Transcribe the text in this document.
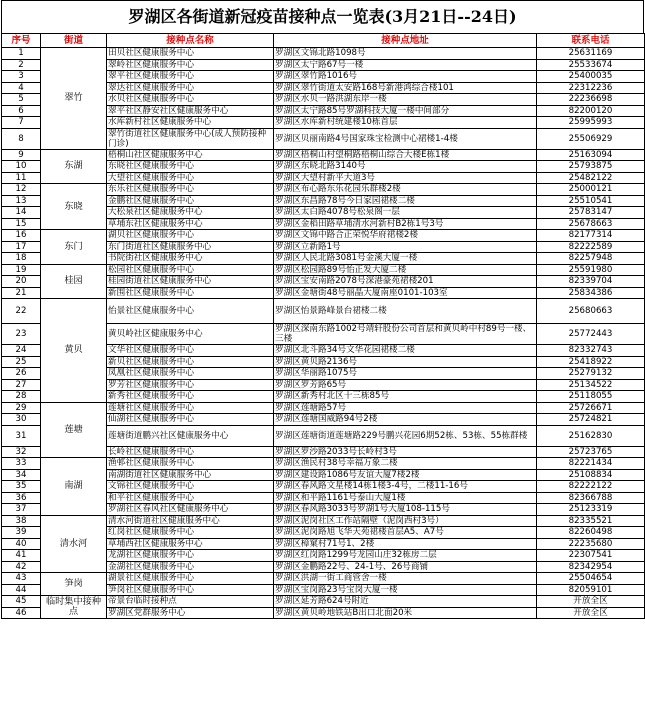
罗湖区各街道新冠疫苗接种点一览表(3月21日--24日)
序号	街道	接种点名称	接种点地址	联系电话
1	翠竹	田贝社区健康服务中心	罗湖区文锦北路1098号	25631169
2		翠岭社区健康服务中心	罗湖区太宁路67号一楼	25533674
3		翠平社区健康服务中心	罗湖区翠竹路1016号	25400035
4		翠达社区健康服务中心	罗湖区翠竹街道太安路168号新港鸿综合楼101	22312236
5		水贝社区健康服务中心	罗湖区水贝一路洪湖东岸一楼	22236698
6		翠平社区静安社区健康服务中心	罗湖区太宁路85号罗湖科技大厦一楼中间部分	82200120
7		水库新村社区健康服务中心	罗湖区水库新村统建楼10栋首层	25995993
8		翠竹街道社区健康服务中心(成人预防接种门诊)	罗湖区贝丽南路4号国家珠宝检测中心裙楼1-4楼	25506929
9	东湖	梧桐山社区健康服务中心	罗湖区梧桐山村望桐路梧桐山综合大楼E栋1楼	25163094
10		东晓社区健康服务中心	罗湖区东晓北路3140号	25793875
11		大望社区健康服务中心	罗湖区大望村新平大道3号	25482122
12	东晓	东乐社区健康服务中心	罗湖区布心路东乐花园乐群楼2楼	25000121
13		金鹏社区健康服务中心	罗湖区东昌路78号今日家园裙楼二楼	25510541
14		大松泉社区健康服务中心	罗湖区太白路4078号松泉阁一层	25783147
15		草埔东社区健康服务中心	罗湖区金稻田路草埔清水河新村B2栋1号3号	25678663
16	东门	湖贝社区健康服务中心	罗湖区文锦中路合正荣悦华府裙楼2楼	82177314
17		东门街道社区健康服务中心	罗湖区立新路1号	82222589
18		书院街社区健康服务中心	罗湖区人民北路3081号金溪大厦一楼	82257948
19	桂园	松园社区健康服务中心	罗湖区松园路89号怡正发大厦二楼	25591980
20		桂园街道社区健康服务中心	罗湖区宝安南路2078号深港豪苑裙楼201	82339704
21		新围社区健康服务中心	罗湖区金塘街48号丽晶大厦南座0101-103室	25834386
22	黄贝	怡景社区健康服务中心	罗湖区怡景路峰景台裙楼二楼	25680663
23		黄贝岭社区健康服务中心	罗湖区深南东路1002号靖轩股份公司首层和黄贝岭中村89号一楼、三楼	25772443
24		文华社区健康服务中心	罗湖区北斗路34号文华花园裙楼二楼	82332743
25		新贝社区健康服务中心	罗湖区黄贝路2136号	25418922
26		凤凰社区健康服务中心	罗湖区华丽路1075号	25279132
27		罗芳社区健康服务中心	罗湖区罗芳路65号	25134522
28		新秀社区健康服务中心	罗湖区新秀村北区十三栋85号	25118055
29	莲塘	莲塘社区健康服务中心	罗湖区莲塘路57号	25726671
30		仙湖社区健康服务中心	罗湖区莲塘国威路94号2楼	25724821
31		莲塘街道鹏兴社区健康服务中心	罗湖区莲塘街道莲塘路229号鹏兴花园6期52栋、53栋、55栋群楼	25162830
32		长岭社区健康服务中心	罗湖区罗沙路2033号长岭村3号	25723765
33	南湖	渔邨社区健康服务中心	罗湖区渔民村38号幸福万象二楼	82221434
34		南湖街道社区健康服务中心	罗湖区建设路1086号友谊大厦7楼2楼	25108834
35		文锦社区健康服务中心	罗湖区春风路文星楼14栋1楼3-4号，二楼11-16号	82222122
36		和平社区健康服务中心	罗湖区和平路1161号泰山大厦1楼	82366788
37		罗湖社区春风社区健康服务中心	罗湖区春风路3033号罗湖1号大厦108-115号	25123319
38	清水河	清水河街道社区健康服务中心	罗湖区泥岗社区工作站隔壁（泥岗西村3号）	82335521
39		红岗社区健康服务中心	罗湖区泥岗路旭飞华天苑裙楼首层A5、A7号	82260498
40		草埔西社区健康服务中心	罗湖区樟窠村71号1、2楼	22235680
41		龙湖社区健康服务中心	罗湖区红岗路1299号龙园山庄32栋房二层	22307541
42		金湖社区健康服务中心	罗湖区金鹏路22号、24-1号、26号商铺	82342954
43	笋岗	湖景社区健康服务中心	罗湖区洪湖一街工商管舍一楼	25504654
44		笋岗社区健康服务中心	罗湖区宝岗路23号宝岗大厦一楼	82059101
45	临时集中接种点	帝景台临时接种点	罗湖区延芳路624号附近	开放全区
46		罗湖区党群服务中心	罗湖区黄贝岭地铁站B出口北面20米	开放全区
